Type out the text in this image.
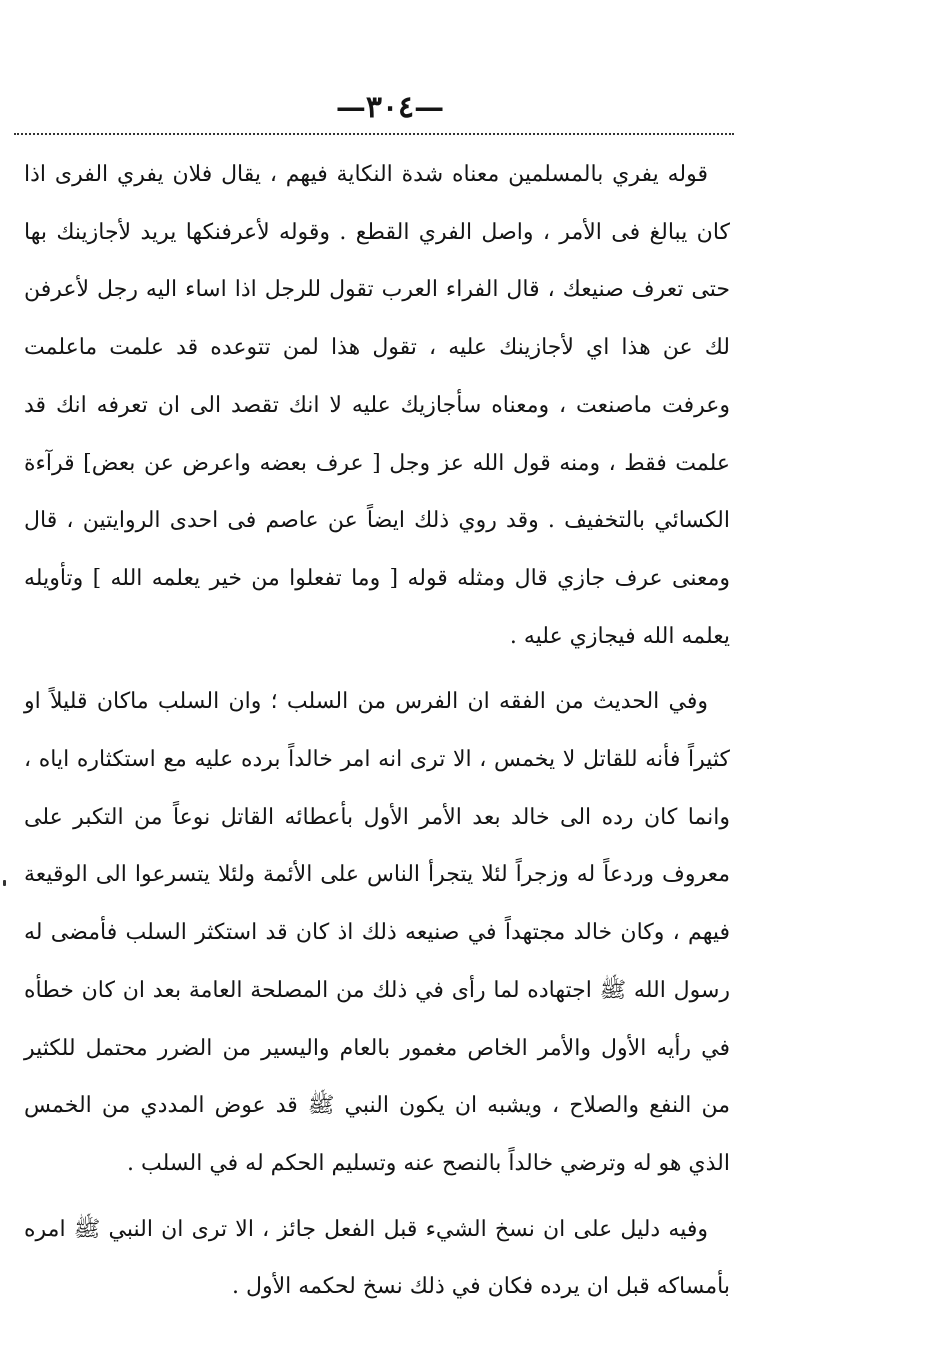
—٣٠٤—

قوله يفري بالمسلمين معناه شدة النكاية فيهم ، يقال فلان يفري الفرى اذا كان يبالغ فى الأمر ، واصل الفري القطع . وقوله لأعرفنكها يريد لأجازينك بها حتى تعرف صنيعك ، قال الفراء العرب تقول للرجل اذا اساء اليه رجل لأعرفن لك عن هذا اي لأجازينك عليه ، تقول هذا لمن تتوعده قد علمت ماعلمت وعرفت ماصنعت ، ومعناه سأجازيك عليه لا انك تقصد الى ان تعرفه انك قد علمت فقط ، ومنه قول الله عز وجل [ عرف بعضه واعرض عن بعض] قرآءة الكسائي بالتخفيف . وقد روي ذلك ايضاً عن عاصم فى احدى الروايتين ، قال ومعنى عرف جازي قال ومثله قوله [ وما تفعلوا من خير يعلمه الله ] وتأويله يعلمه الله فيجازي عليه .

وفي الحديث من الفقه ان الفرس من السلب ؛ وان السلب ماكان قليلاً او كثيراً فأنه للقاتل لا يخمس ، الا ترى انه امر خالداً برده عليه مع استكثاره اياه ، وانما كان رده الى خالد بعد الأمر الأول بأعطائه القاتل نوعاً من التكبر على معروف وردعاً له وزجراً لئلا يتجرأ الناس على الأئمة ولئلا يتسرعوا الى الوقيعة فيهم ، وكان خالد مجتهداً في صنيعه ذلك اذ كان قد استكثر السلب فأمضى له رسول الله ﷺ اجتهاده لما رأى في ذلك من المصلحة العامة بعد ان كان خطأه في رأيه الأول والأمر الخاص مغمور بالعام واليسير من الضرر محتمل للكثير من النفع والصلاح ، ويشبه ان يكون النبي ﷺ قد عوض المددي من الخمس الذي هو له وترضي خالداً بالنصح عنه وتسليم الحكم له في السلب .

وفيه دليل على ان نسخ الشيء قبل الفعل جائز ، الا ترى ان النبي ﷺ امره بأمساكه قبل ان يرده فكان في ذلك نسخ لحكمه الأول .
